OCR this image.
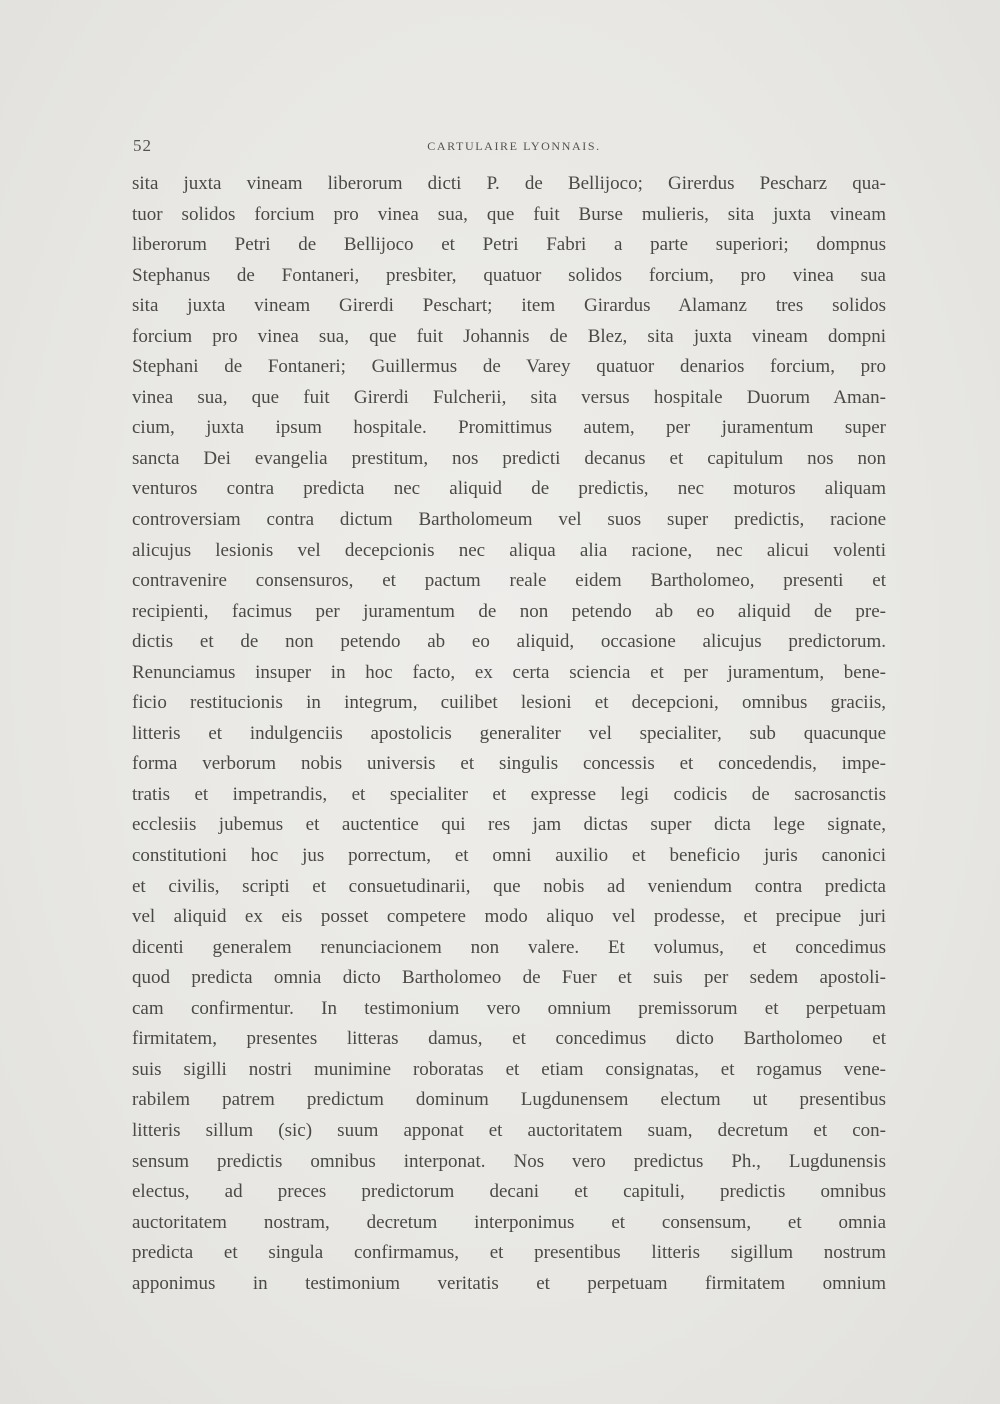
52	CARTULAIRE LYONNAIS.
sita juxta vineam liberorum dicti P. de Bellijoco; Girerdus Pescharz qua-
tuor solidos forcium pro vinea sua, que fuit Burse mulieris, sita juxta vineam
liberorum Petri de Bellijoco et Petri Fabri a parte superiori; dompnus
Stephanus de Fontaneri, presbiter, quatuor solidos forcium, pro vinea sua
sita juxta vineam Girerdi Peschart; item Girardus Alamanz tres solidos
forcium pro vinea sua, que fuit Johannis de Blez, sita juxta vineam dompni
Stephani de Fontaneri; Guillermus de Varey quatuor denarios forcium, pro
vinea sua, que fuit Girerdi Fulcherii, sita versus hospitale Duorum Aman-
cium, juxta ipsum hospitale. Promittimus autem, per juramentum super
sancta Dei evangelia prestitum, nos predicti decanus et capitulum nos non
venturos contra predicta nec aliquid de predictis, nec moturos aliquam
controversiam contra dictum Bartholomeum vel suos super predictis, racione
alicujus lesionis vel decepcionis nec aliqua alia racione, nec alicui volenti
contravenire consensuros, et pactum reale eidem Bartholomeo, presenti et
recipienti, facimus per juramentum de non petendo ab eo aliquid de pre-
dictis et de non petendo ab eo aliquid, occasione alicujus predictorum.
Renunciamus insuper in hoc facto, ex certa sciencia et per juramentum, bene-
ficio restitucionis in integrum, cuilibet lesioni et decepcioni, omnibus graciis,
litteris et indulgenciis apostolicis generaliter vel specialiter, sub quacunque
forma verborum nobis universis et singulis concessis et concedendis, impe-
tratis et impetrandis, et specialiter et expresse legi codicis de sacrosanctis
ecclesiis jubemus et auctentice qui res jam dictas super dicta lege signate,
constitutioni hoc jus porrectum, et omni auxilio et beneficio juris canonici
et civilis, scripti et consuetudinarii, que nobis ad veniendum contra predicta
vel aliquid ex eis posset competere modo aliquo vel prodesse, et precipue juri
dicenti generalem renunciacionem non valere. Et volumus, et concedimus
quod predicta omnia dicto Bartholomeo de Fuer et suis per sedem apostoli-
cam confirmentur. In testimonium vero omnium premissorum et perpetuam
firmitatem, presentes litteras damus, et concedimus dicto Bartholomeo et
suis sigilli nostri munimine roboratas et etiam consignatas, et rogamus vene-
rabilem patrem predictum dominum Lugdunensem electum ut presentibus
litteris sillum (sic) suum apponat et auctoritatem suam, decretum et con-
sensum predictis omnibus interponat. Nos vero predictus Ph., Lugdunensis
electus, ad preces predictorum decani et capituli, predictis omnibus
auctoritatem nostram, decretum interponimus et consensum, et omnia
predicta et singula confirmamus, et presentibus litteris sigillum nostrum
apponimus in testimonium veritatis et perpetuam firmitatem omnium
